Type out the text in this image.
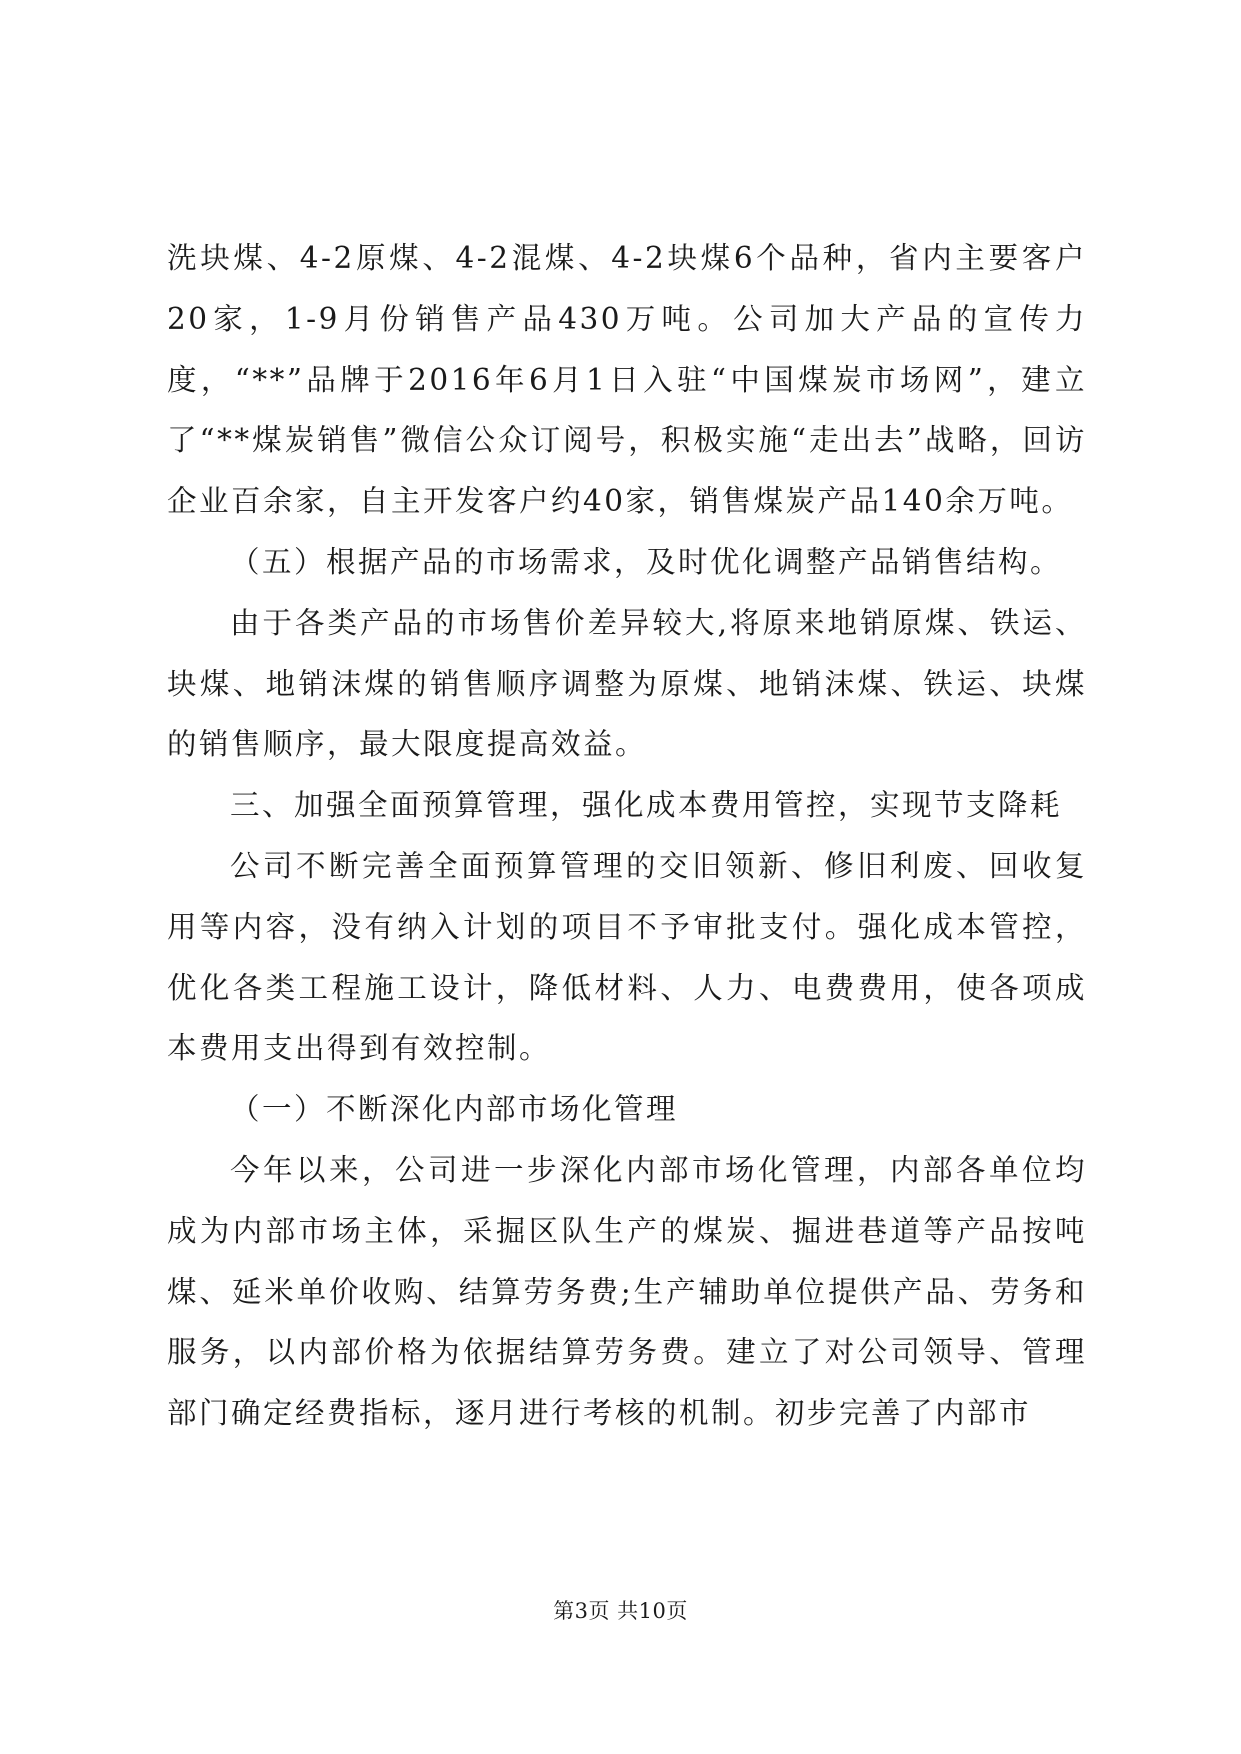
洗块煤、4-2原煤、4-2混煤、4-2块煤6个品种，省内主要客户20家，1-9月份销售产品430万吨。公司加大产品的宣传力度，“**”品牌于2016年6月1日入驻“中国煤炭市场网”，建立了“**煤炭销售”微信公众订阅号，积极实施“走出去”战略，回访企业百余家，自主开发客户约40家，销售煤炭产品140余万吨。

（五）根据产品的市场需求，及时优化调整产品销售结构。

由于各类产品的市场售价差异较大,将原来地销原煤、铁运、块煤、地销沫煤的销售顺序调整为原煤、地销沫煤、铁运、块煤的销售顺序，最大限度提高效益。

三、加强全面预算管理，强化成本费用管控，实现节支降耗

公司不断完善全面预算管理的交旧领新、修旧利废、回收复用等内容，没有纳入计划的项目不予审批支付。强化成本管控，优化各类工程施工设计，降低材料、人力、电费费用，使各项成本费用支出得到有效控制。

（一）不断深化内部市场化管理

今年以来，公司进一步深化内部市场化管理，内部各单位均成为内部市场主体，采掘区队生产的煤炭、掘进巷道等产品按吨煤、延米单价收购、结算劳务费;生产辅助单位提供产品、劳务和服务，以内部价格为依据结算劳务费。建立了对公司领导、管理部门确定经费指标，逐月进行考核的机制。初步完善了内部市

第3页 共10页
